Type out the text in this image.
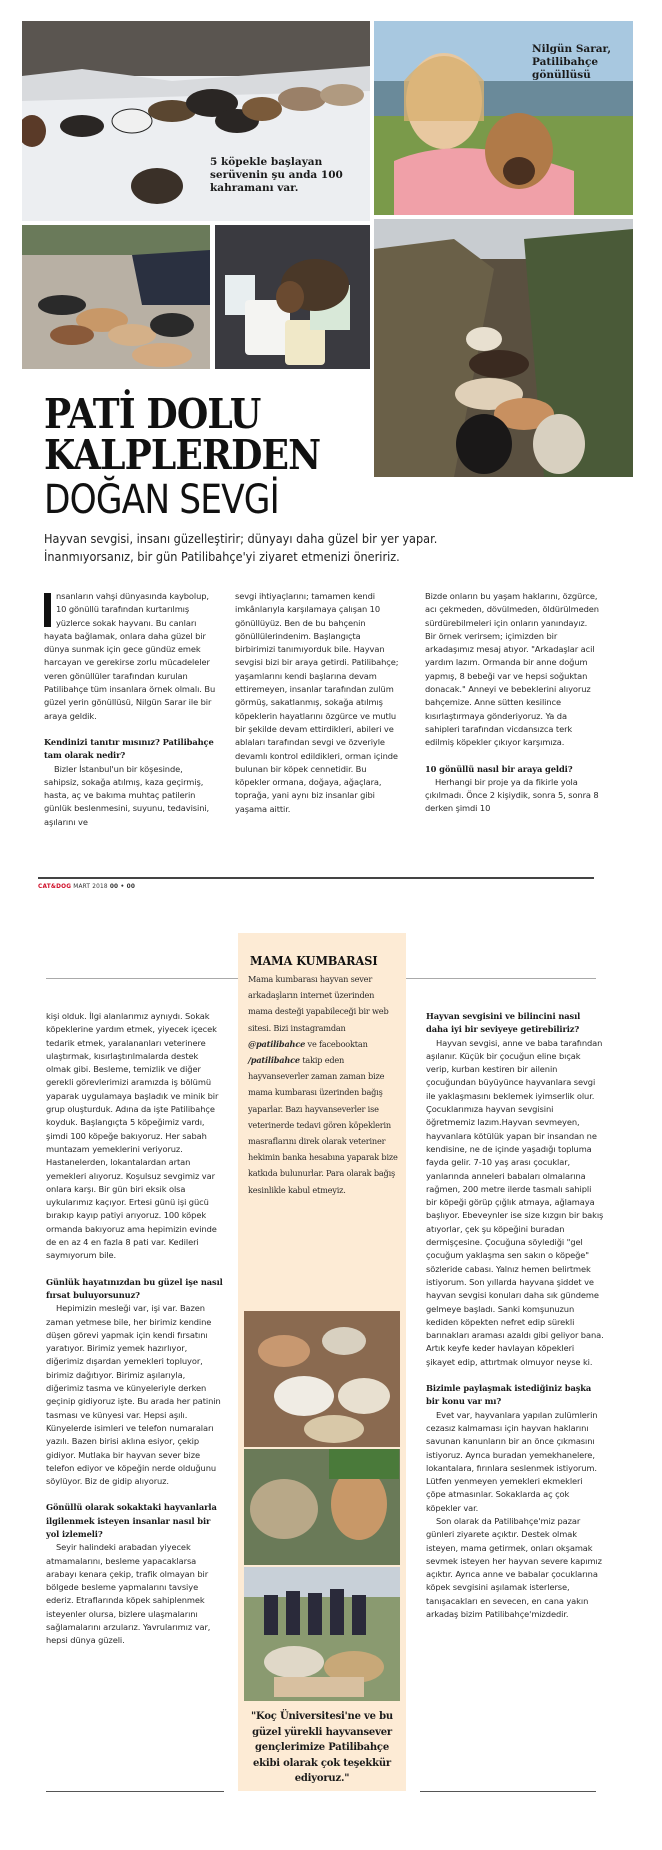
5 köpekle başlayan serüvenin şu anda 100 kahramanı var.
Nilgün Sarar, Patilibahçe gönüllüsü
PATİ DOLU
KALPLERDEN
DOĞAN SEVGİ
Hayvan sevgisi, insanı güzelleştirir; dünyayı daha güzel bir yer yapar.
İnanmıyorsanız, bir gün Patilibahçe'yi ziyaret etmenizi öneririz.

nsanların vahşi dünyasında kaybolup, 10 gönüllü tarafından kurtarılmış yüzlerce sokak hayvanı. Bu canları hayata bağlamak, onlara daha güzel bir dünya sunmak için gece gündüz emek harcayan ve gerekirse zorlu mücadeleler veren gönüllüler tarafından kurulan Patilibahçe tüm insanlara örnek olmalı. Bu güzel yerin gönüllüsü, Nilgün Sarar ile bir araya geldik.

Kendinizi tanıtır mısınız? Patilibahçe tam olarak nedir?

Bizler İstanbul'un bir köşesinde, sahipsiz, sokağa atılmış, kaza geçirmiş, hasta, aç ve bakıma muhtaç patilerin günlük beslenmesini, suyunu, tedavisini, aşılarını ve

sevgi ihtiyaçlarını; tamamen kendi imkânlarıyla karşılamaya çalışan 10 gönüllüyüz. Ben de bu bahçenin gönüllülerindenim. Başlangıçta birbirimizi tanımıyorduk bile. Hayvan sevgisi bizi bir araya getirdi. Patilibahçe; yaşamlarını kendi başlarına devam ettiremeyen, insanlar tarafından zulüm görmüş, sakatlanmış, sokağa atılmış köpeklerin hayatlarını özgürce ve mutlu bir şekilde devam ettirdikleri, abileri ve ablaları tarafından sevgi ve özveriyle devamlı kontrol edildikleri, orman içinde bulunan bir köpek cennetidir. Bu köpekler ormana, doğaya, ağaçlara, toprağa, yani aynı biz insanlar gibi yaşama aittir.

Bizde onların bu yaşam haklarını, özgürce, acı çekmeden, dövülmeden, öldürülmeden sürdürebilmeleri için onların yanındayız. Bir örnek verirsem; içimizden bir arkadaşımız mesaj atıyor. "Arkadaşlar acil yardım lazım. Ormanda bir anne doğum yapmış, 8 bebeği var ve hepsi soğuktan donacak." Anneyi ve bebeklerini alıyoruz bahçemize. Anne sütten kesilince kısırlaştırmaya gönderiyoruz. Ya da sahipleri tarafından vicdansızca terk edilmiş köpekler çıkıyor karşımıza.

10 gönüllü nasıl bir araya geldi?

Herhangi bir proje ya da fikirle yola çıkılmadı. Önce 2 kişiydik, sonra 5, sonra 8 derken şimdi 10

CAT&DOG MART 2018 00 • 00
MAMA KUMBARASI
Mama kumbarası hayvan sever arkadaşların internet üzerinden mama desteği yapabileceği bir web sitesi. Bizi instagramdan @patilibahce ve facebooktan /patilibahce takip eden hayvanseverler zaman zaman bize mama kumbarası üzerinden bağış yaparlar. Bazı hayvanseverler ise veterinerde tedavi gören köpeklerin masraflarını direk olarak veteriner hekimin banka hesabına yaparak bize katkıda bulunurlar. Para olarak bağış kesinlikle kabul etmeyiz.
"Koç Üniversitesi'ne ve bu güzel yürekli hayvansever gençlerimize Patilibahçe ekibi olarak çok teşekkür ediyoruz."

kişi olduk. İlgi alanlarımız aynıydı. Sokak köpeklerine yardım etmek, yiyecek içecek tedarik etmek, yaralananları veterinere ulaştırmak, kısırlaştırılmalarda destek olmak gibi. Besleme, temizlik ve diğer gerekli görevlerimizi aramızda iş bölümü yaparak uygulamaya başladık ve minik bir grup oluşturduk. Adına da işte Patilibahçe koyduk. Başlangıçta 5 köpeğimiz vardı, şimdi 100 köpeğe bakıyoruz. Her sabah muntazam yemeklerini veriyoruz. Hastanelerden, lokantalardan artan yemekleri alıyoruz. Koşulsuz sevgimiz var onlara karşı. Bir gün biri eksik olsa uykularımız kaçıyor. Ertesi günü işi gücü bırakıp kayıp patiyi arıyoruz. 100 köpek ormanda bakıyoruz ama hepimizin evinde de en az 4 en fazla 8 pati var. Kedileri saymıyorum bile.

Günlük hayatınızdan bu güzel işe nasıl fırsat buluyorsunuz?

Hepimizin mesleği var, işi var. Bazen zaman yetmese bile, her birimiz kendine düşen görevi yapmak için kendi fırsatını yaratıyor. Birimiz yemek hazırlıyor, diğerimiz dışardan yemekleri topluyor, birimiz dağıtıyor. Birimiz aşılarıyla, diğerimiz tasma ve künyeleriyle derken geçinip gidiyoruz işte. Bu arada her patinin tasması ve künyesi var. Hepsi aşılı. Künyelerde isimleri ve telefon numaraları yazılı. Bazen birisi aklına esiyor, çekip gidiyor. Mutlaka bir hayvan sever bize telefon ediyor ve köpeğin nerde olduğunu söylüyor. Biz de gidip alıyoruz.

Gönüllü olarak sokaktaki hayvanlarla ilgilenmek isteyen insanlar nasıl bir yol izlemeli?

Seyir halindeki arabadan yiyecek atmamalarını, besleme yapacaklarsa arabayı kenara çekip, trafik olmayan bir bölgede besleme yapmalarını tavsiye ederiz. Etraflarında köpek sahiplenmek isteyenler olursa, bizlere ulaşmalarını sağlamalarını arzularız. Yavrularımız var, hepsi dünya güzeli.

Hayvan sevgisini ve bilincini nasıl daha iyi bir seviyeye getirebiliriz?

Hayvan sevgisi, anne ve baba tarafından aşılanır. Küçük bir çocuğun eline bıçak verip, kurban kestiren bir ailenin çocuğundan büyüyünce hayvanlara sevgi ile yaklaşmasını beklemek iyimserlik olur. Çocuklarımıza hayvan sevgisini öğretmemiz lazım.Hayvan sevmeyen, hayvanlara kötülük yapan bir insandan ne kendisine, ne de içinde yaşadığı topluma fayda gelir. 7-10 yaş arası çocuklar, yanlarında anneleri babaları olmalarına rağmen, 200 metre ilerde tasmalı sahipli bir köpeği görüp çığlık atmaya, ağlamaya başlıyor. Ebeveynler ise size kızgın bir bakış atıyorlar, çek şu köpeğini buradan dermişçesine. Çocuğuna söylediği "gel çocuğum yaklaşma sen sakın o köpeğe" sözleride cabası. Yalnız hemen belirtmek istiyorum. Son yıllarda hayvana şiddet ve hayvan sevgisi konuları daha sık gündeme gelmeye başladı. Sanki komşunuzun kediden köpekten nefret edip sürekli barınakları araması azaldı gibi geliyor bana. Artık keyfe keder havlayan köpekleri şikayet edip, attırtmak olmuyor neyse ki.

Bizimle paylaşmak istediğiniz başka bir konu var mı?

Evet var, hayvanlara yapılan zulümlerin cezasız kalmaması için hayvan haklarını savunan kanunların bir an önce çıkmasını istiyoruz. Ayrıca buradan yemekhanelere, lokantalara, fırınlara seslenmek istiyorum. Lütfen yenmeyen yemekleri ekmekleri çöpe atmasınlar. Sokaklarda aç çok köpekler var.

Son olarak da Patilibahçe'miz pazar günleri ziyarete açıktır. Destek olmak isteyen, mama getirmek, onları okşamak sevmek isteyen her hayvan severe kapımız açıktır. Ayrıca anne ve babalar çocuklarına köpek sevgisini aşılamak isterlerse, tanışacakları en sevecen, en cana yakın arkadaş bizim Patilibahçe'mizdedir.
